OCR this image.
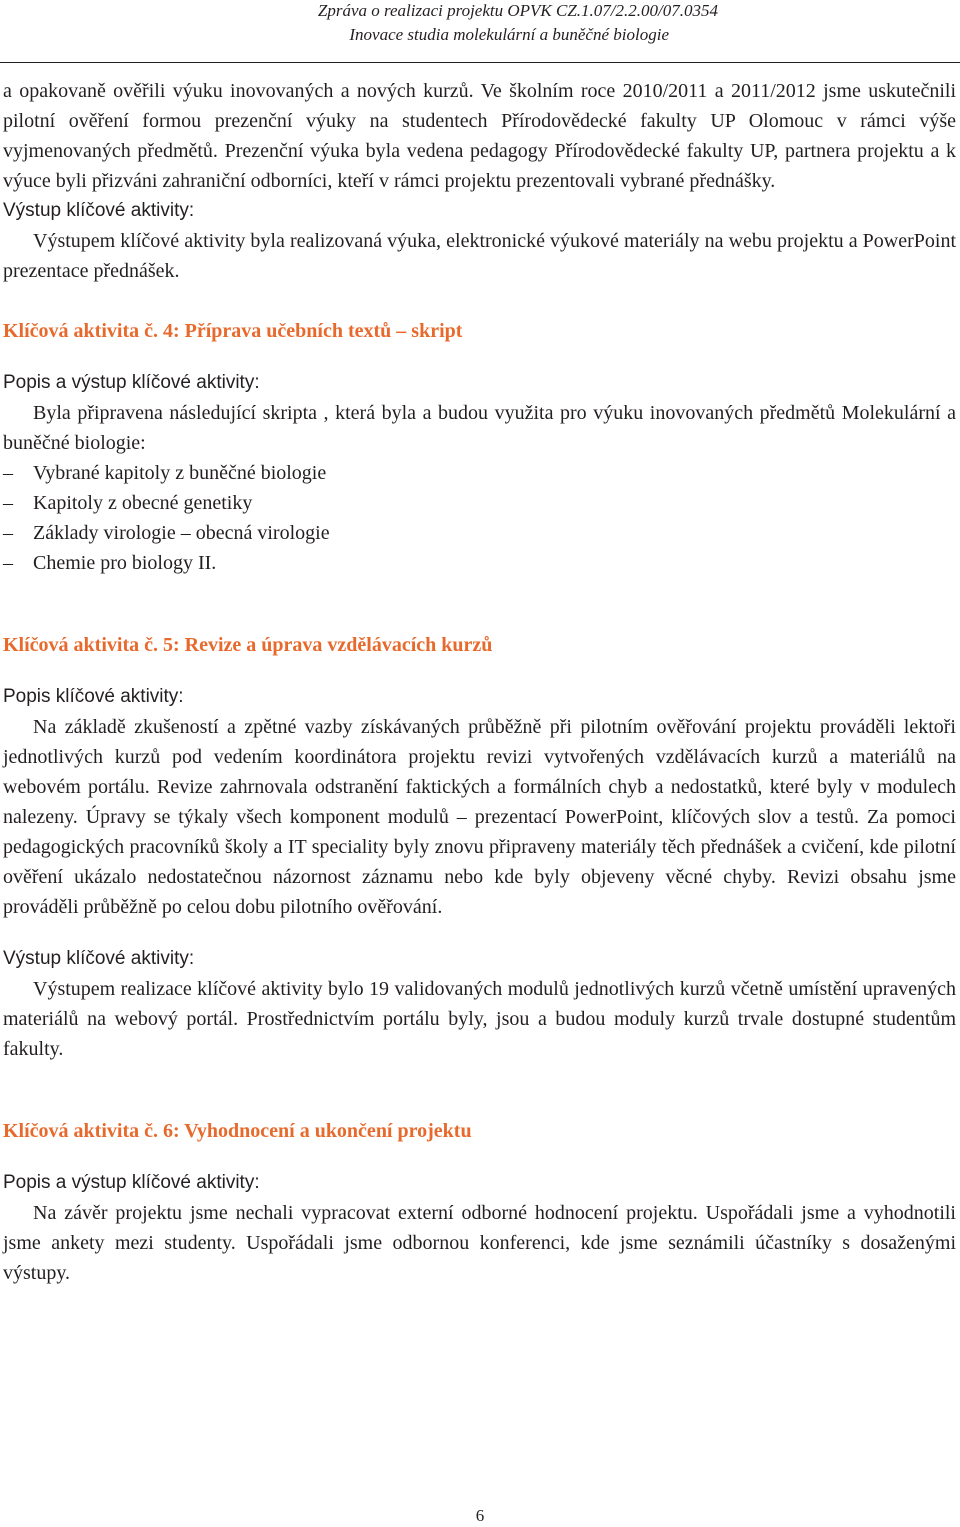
Zpráva o realizaci projektu OPVK CZ.1.07/2.2.00/07.0354
Inovace studia molekulární a buněčné biologie

a opakovaně ověřili výuku inovovaných a nových kurzů. Ve školním roce 2010/2011 a 2011/2012 jsme uskutečnili pilotní ověření formou prezenční výuky na studentech Přírodovědecké fakulty UP Olomouc v rámci výše vyjmenovaných předmětů. Prezenční výuka byla vedena pedagogy Přírodovědecké fakulty UP, partnera projektu a k výuce byli přizváni zahraniční odborníci, kteří v rámci projektu prezentovali vybrané přednášky.

Výstup klíčové aktivity:

Výstupem klíčové aktivity byla realizovaná výuka, elektronické výukové materiály na webu projektu a PowerPoint prezentace přednášek.

Klíčová aktivita č. 4: Příprava učebních textů – skript

Popis a výstup klíčové aktivity:

Byla připravena následující skripta , která byla a budou využita pro výuku inovovaných předmětů Molekulární a buněčné biologie:

– Vybrané kapitoly z buněčné biologie
– Kapitoly z obecné genetiky
– Základy virologie – obecná virologie
– Chemie pro biology II.
Klíčová aktivita č. 5: Revize a úprava vzdělávacích kurzů

Popis klíčové aktivity:

Na základě zkušeností a zpětné vazby získávaných průběžně při pilotním ověřování projektu prováděli lektoři jednotlivých kurzů pod vedením koordinátora projektu revizi vytvořených vzdělávacích kurzů a materiálů na webovém portálu. Revize zahrnovala odstranění faktických a formálních chyb a nedostatků, které byly v modulech nalezeny. Úpravy se týkaly všech komponent modulů – prezentací PowerPoint, klíčových slov a testů. Za pomoci pedagogických pracovníků školy a IT speciality byly znovu připraveny materiály těch přednášek a cvičení, kde pilotní ověření ukázalo nedostatečnou názornost záznamu nebo kde byly objeveny věcné chyby. Revizi obsahu jsme prováděli průběžně po celou dobu pilotního ověřování.

Výstup klíčové aktivity:

Výstupem realizace klíčové aktivity bylo 19 validovaných modulů jednotlivých kurzů včetně umístění upravených materiálů na webový portál. Prostřednictvím portálu byly, jsou a budou moduly kurzů trvale dostupné studentům fakulty.

Klíčová aktivita č. 6: Vyhodnocení a ukončení projektu

Popis a výstup klíčové aktivity:

Na závěr projektu jsme nechali vypracovat externí odborné hodnocení projektu. Uspořádali jsme a vyhodnotili jsme ankety mezi studenty. Uspořádali jsme odbornou konferenci, kde jsme seznámili účastníky s dosaženými výstupy.

6
